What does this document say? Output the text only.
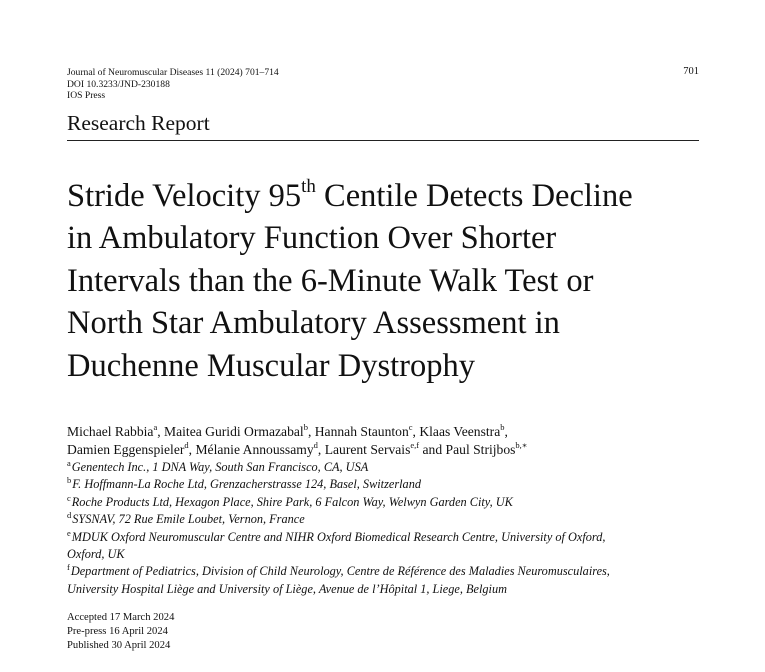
Journal of Neuromuscular Diseases 11 (2024) 701–714
DOI 10.3233/JND-230188
IOS Press
701
Research Report
Stride Velocity 95th Centile Detects Decline
in Ambulatory Function Over Shorter
Intervals than the 6-Minute Walk Test or
North Star Ambulatory Assessment in
Duchenne Muscular Dystrophy
Michael Rabbia$^a$, Maitea Guridi Ormazabal$^b$, Hannah Staunton$^c$, Klaas Veenstra$^b$,
Damien Eggenspieler$^d$, Mélanie Annoussamy$^d$, Laurent Servais$^{e,f}$ and Paul Strijbos$^{b,∗}$
$^a$Genentech Inc., 1 DNA Way, South San Francisco, CA, USA
$^b$F. Hoffmann-La Roche Ltd, Grenzacherstrasse 124, Basel, Switzerland
$^c$Roche Products Ltd, Hexagon Place, Shire Park, 6 Falcon Way, Welwyn Garden City, UK
$^d$SYSNAV, 72 Rue Emile Loubet, Vernon, France
$^e$MDUK Oxford Neuromuscular Centre and NIHR Oxford Biomedical Research Centre, University of Oxford,
Oxford, UK
$^f$Department of Pediatrics, Division of Child Neurology, Centre de Référence des Maladies Neuromusculaires,
University Hospital Liège and University of Liège, Avenue de l’Hôpital 1, Liege, Belgium
Accepted 17 March 2024
Pre-press 16 April 2024
Published 30 April 2024
